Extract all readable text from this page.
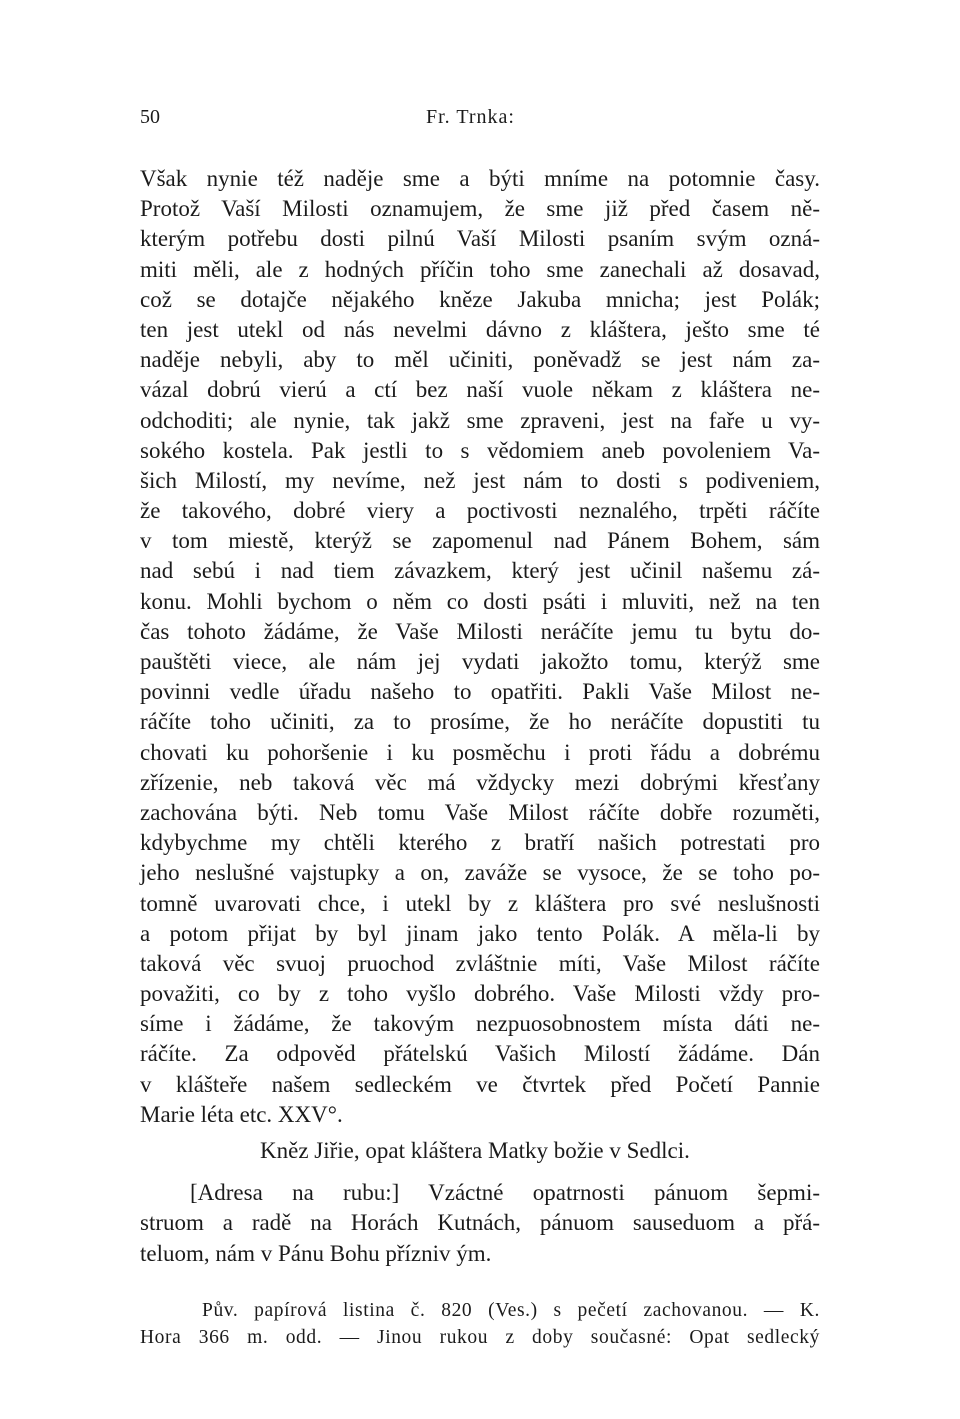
50	Fr. Trnka:
Však nynie též naděje sme a býti mníme na potomnie časy.
Protož Vaší Milosti oznamujem, že sme již před časem ně-
kterým potřebu dosti pilnú Vaší Milosti psaním svým ozná-
miti měli, ale z hodných příčin toho sme zanechali až dosavad,
což se dotajče nějakého kněze Jakuba mnicha; jest Polák;
ten jest utekl od nás nevelmi dávno z kláštera, ješto sme té
naděje nebyli, aby to měl učiniti, poněvadž se jest nám za-
vázal dobrú vierú a ctí bez naší vuole někam z kláštera ne-
odchoditi; ale nynie, tak jakž sme zpraveni, jest na faře u vy-
sokého kostela. Pak jestli to s vědomiem aneb povoleniem Va-
šich Milostí, my nevíme, než jest nám to dosti s podiveniem,
že takového, dobré viery a poctivosti neznalého, trpěti ráčíte
v tom miestě, kterýž se zapomenul nad Pánem Bohem, sám
nad sebú i nad tiem závazkem, který jest učinil našemu zá-
konu. Mohli bychom o něm co dosti psáti i mluviti, než na ten
čas tohoto žádáme, že Vaše Milosti neráčíte jemu tu bytu do-
pauštěti viece, ale nám jej vydati jakožto tomu, kterýž sme
povinni vedle úřadu našeho to opatřiti. Pakli Vaše Milost ne-
ráčíte toho učiniti, za to prosíme, že ho neráčíte dopustiti tu
chovati ku pohoršenie i ku posměchu i proti řádu a dobrému
zřízenie, neb taková věc má vždycky mezi dobrými křesťany
zachována býti. Neb tomu Vaše Milost ráčíte dobře rozuměti,
kdybychme my chtěli kterého z bratří našich potrestati pro
jeho neslušné vajstupky a on, zaváže se vysoce, že se toho po-
tomně uvarovati chce, i utekl by z kláštera pro své neslušnosti
a potom přijat by byl jinam jako tento Polák. A měla-li by
taková věc svuoj pruochod zvláštnie míti, Vaše Milost ráčíte
považiti, co by z toho vyšlo dobrého. Vaše Milosti vždy pro-
síme i žádáme, že takovým nezpuosobnostem místa dáti ne-
ráčíte. Za odpověd přátelskú Vašich Milostí žádáme. Dán
v klášteře našem sedleckém ve čtvrtek před Početí Pannie
Marie léta etc. XXV°.
Kněz Jiřie, opat kláštera Matky božie v Sedlci.
[Adresa na rubu:] Vzáctné opatrnosti pánuom šepmi-
struom a radě na Horách Kutnách, pánuom sauseduom a přá-
teluom, nám v Pánu Bohu přízniv ým.
Pův. papírová listina č. 820 (Ves.) s pečetí zachovanou. — K.
Hora 366 m. odd. — Jinou rukou z doby současné: Opat sedlecký
